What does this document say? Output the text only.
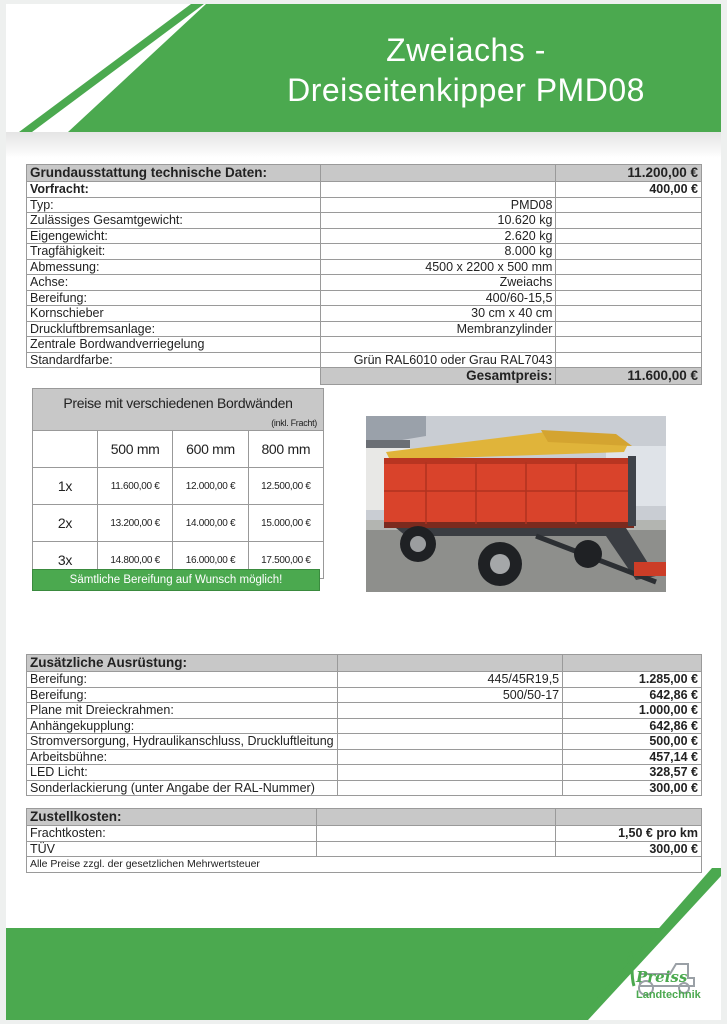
Zweiachs -
Dreiseitenkipper PMD08
Grundausstattung technische Daten:		11.200,00 €
Vorfracht:		400,00 €
Typ:	PMD08	
Zulässiges Gesamtgewicht:	10.620 kg	
Eigengewicht:	2.620 kg	
Tragfähigkeit:	8.000 kg	
Abmessung:	4500 x 2200 x 500 mm	
Achse:	Zweiachs	
Bereifung:	400/60-15,5	
Kornschieber	30 cm x 40 cm	
Druckluftbremsanlage:	Membranzylinder	
Zentrale Bordwandverriegelung		
Standardfarbe:	Grün RAL6010 oder Grau RAL7043	
	Gesamtpreis:	11.600,00 €
Preise mit verschiedenen Bordwänden
(inkl. Fracht)			

	500 mm	600 mm	800 mm
1x	11.600,00 €	12.000,00 €	12.500,00 €
2x	13.200,00 €	14.000,00 €	15.000,00 €
3x	14.800,00 €	16.000,00 €	17.500,00 €
Sämtliche Bereifung auf Wunsch möglich!
Zusätzliche Ausrüstung:		
Bereifung:	445/45R19,5	1.285,00 €
Bereifung:	500/50-17	642,86 €
Plane mit Dreieckrahmen:		1.000,00 €
Anhängekupplung:		642,86 €
Stromversorgung, Hydraulikanschluss, Druckluftleitung		500,00 €
Arbeitsbühne:		457,14 €
LED Licht:		328,57 €
Sonderlackierung (unter Angabe der RAL-Nummer)		300,00 €
Zustellkosten:		
Frachtkosten:		1,50 € pro km
TÜV		300,00 €
Alle Preise zzgl. der gesetzlichen Mehrwertsteuer		
Preiss
Landtechnik
